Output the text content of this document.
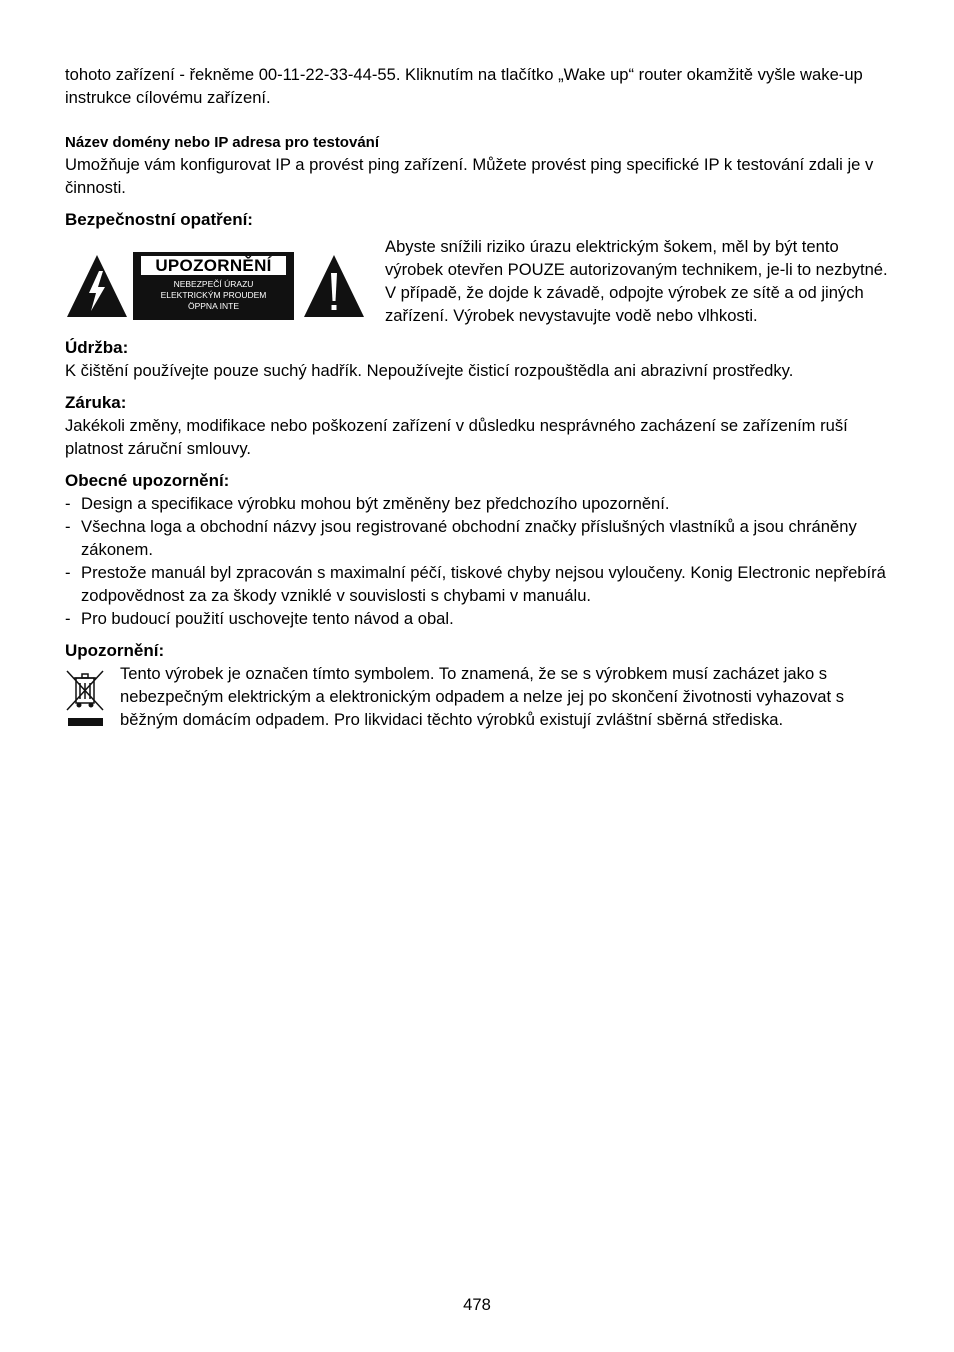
tohoto zařízení - řekněme 00-11-22-33-44-55. Kliknutím na tlačítko „Wake up“ router okamžitě vyšle wake-up instrukce cílovému zařízení.

Název domény nebo IP adresa pro testování

Umožňuje vám konfigurovat IP a provést ping zařízení. Můžete provést ping specifické IP k testování zdali je v činnosti.

Bezpečnostní opatření:

UPOZORNĚNÍ
NEBEZPEČÍ ÚRAZU
ELEKTRICKÝM PROUDEM
ÖPPNA INTE

Abyste snížili riziko úrazu elektrickým šokem, měl by být tento výrobek otevřen POUZE autorizovaným technikem, je-li to nezbytné. V případě, že dojde k závadě, odpojte výrobek ze sítě a od jiných zařízení. Výrobek nevystavujte vodě nebo vlhkosti.

Údržba:

K čištění používejte pouze suchý hadřík. Nepoužívejte čisticí rozpouštědla ani abrazivní prostředky.

Záruka:

Jakékoli změny, modifikace nebo poškození zařízení v důsledku nesprávného zacházení se zařízením ruší platnost záruční smlouvy.

Obecné upozornění:

- Design a specifikace výrobku mohou být změněny bez předchozího upozornění.
- Všechna loga a obchodní názvy jsou registrované obchodní značky příslušných vlastníků a jsou chráněny zákonem.
- Prestože manuál byl zpracován s maximalní péčí, tiskové chyby nejsou vyloučeny. Konig Electronic nepřebírá zodpovědnost za za škody vzniklé v souvislosti s chybami v manuálu.
- Pro budoucí použití uschovejte tento návod a obal.

Upozornění:

Tento výrobek je označen tímto symbolem. To znamená, že se s výrobkem musí zacházet jako s nebezpečným elektrickým a elektronickým odpadem a nelze jej po skončení životnosti vyhazovat s běžným domácím odpadem. Pro likvidaci těchto výrobků existují zvláštní sběrná střediska.

478
